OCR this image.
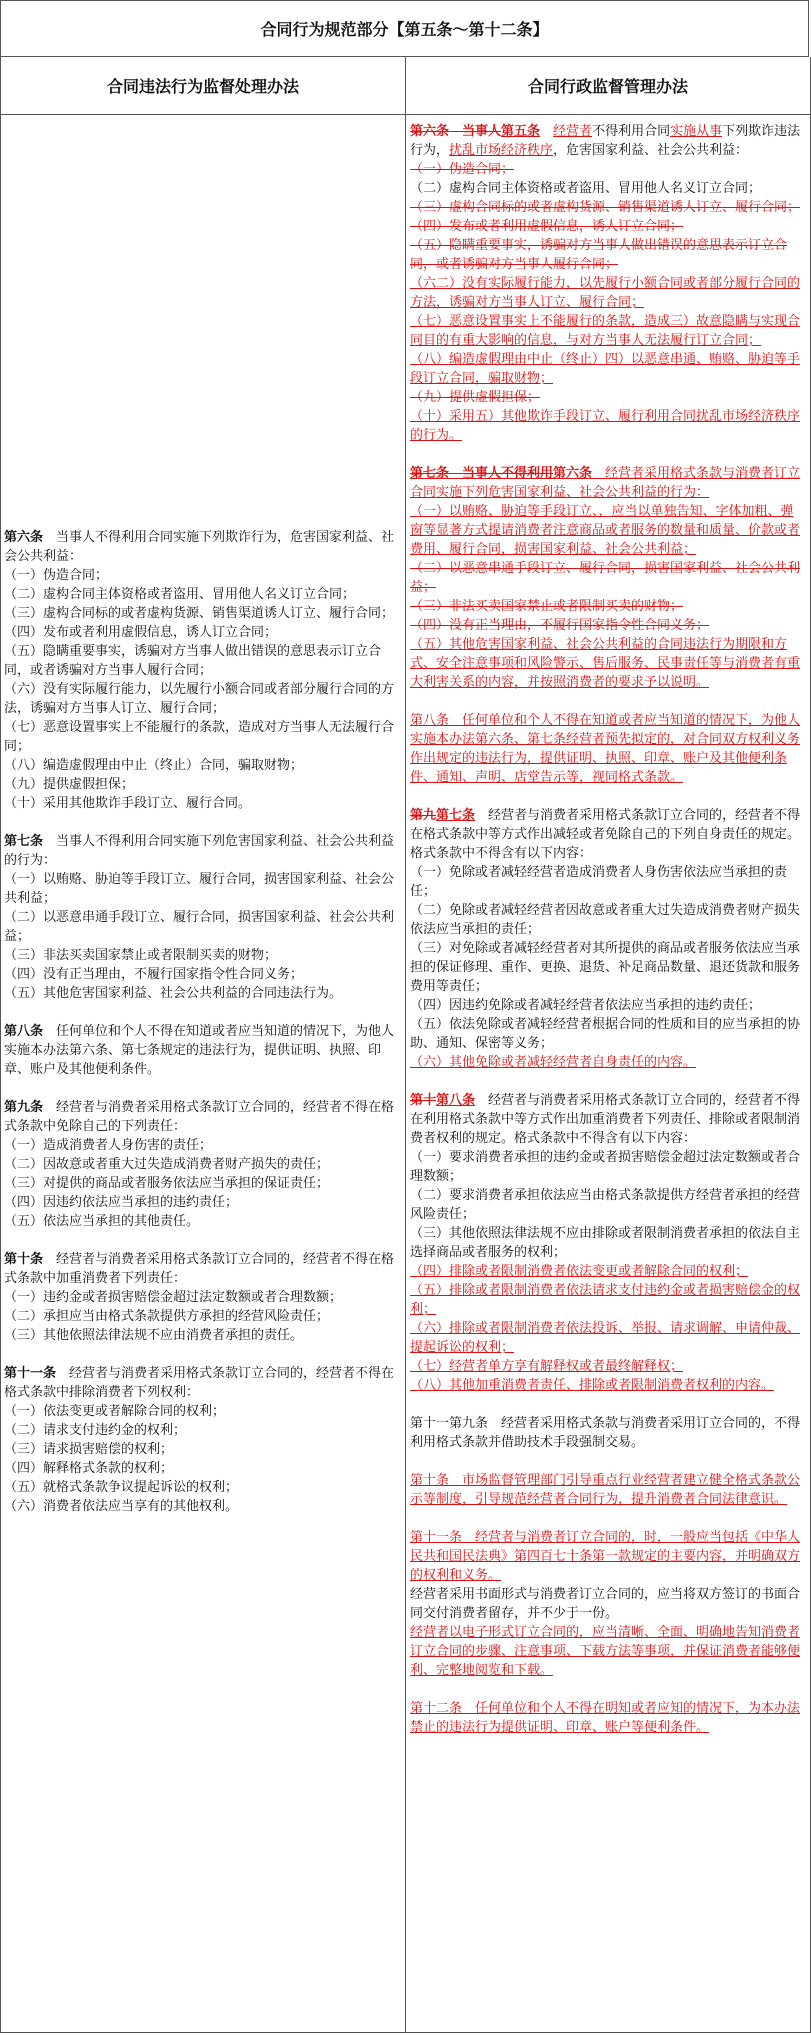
合同行为规范部分【第五条～第十二条】
合同违法行为监督处理办法	合同行政监督管理办法

第六条　 当事人不得利用合同实施下列欺诈行为，危害国家利益、社会公共利益：

（一）伪造合同；

（二）虚构合同主体资格或者盗用、冒用他人名义订立合同；

（三）虚构合同标的或者虚构货源、销售渠道诱人订立、履行合同；

（四）发布或者利用虚假信息，诱人订立合同；

（五）隐瞒重要事实，诱骗对方当事人做出错误的意思表示订立合同，或者诱骗对方当事人履行合同；

（六）没有实际履行能力，以先履行小额合同或者部分履行合同的方法，诱骗对方当事人订立、履行合同；

（七）恶意设置事实上不能履行的条款，造成对方当事人无法履行合同；

（八）编造虚假理由中止（终止）合同，骗取财物；

（九）提供虚假担保；

（十）采用其他欺诈手段订立、履行合同。

第七条　 当事人不得利用合同实施下列危害国家利益、社会公共利益的行为：

（一）以贿赂、胁迫等手段订立、履行合同，损害国家利益、社会公共利益；

（二）以恶意串通手段订立、履行合同，损害国家利益、社会公共利益；

（三）非法买卖国家禁止或者限制买卖的财物；

（四）没有正当理由，不履行国家指令性合同义务；

（五）其他危害国家利益、社会公共利益的合同违法行为。

第八条　 任何单位和个人不得在知道或者应当知道的情况下，为他人实施本办法第六条、第七条规定的违法行为，提供证明、执照、印章、账户及其他便利条件。

第九条　 经营者与消费者采用格式条款订立合同的，经营者不得在格式条款中免除自己的下列责任：

（一）造成消费者人身伤害的责任；

（二）因故意或者重大过失造成消费者财产损失的责任；

（三）对提供的商品或者服务依法应当承担的保证责任；

（四）因违约依法应当承担的违约责任；

（五）依法应当承担的其他责任。

第十条　 经营者与消费者采用格式条款订立合同的，经营者不得在格式条款中加重消费者下列责任：

（一）违约金或者损害赔偿金超过法定数额或者合理数额；

（二）承担应当由格式条款提供方承担的经营风险责任；

（三）其他依照法律法规不应由消费者承担的责任。

第十一条　 经营者与消费者采用格式条款订立合同的，经营者不得在格式条款中排除消费者下列权利：

（一）依法变更或者解除合同的权利；

（二）请求支付违约金的权利；

（三）请求损害赔偿的权利；

（四）解释格式条款的权利；

（五）就格式条款争议提起诉讼的权利；

（六）消费者依法应当享有的其他权利。

第六条　当事人第五条　 经营者不得利用合同实施从事下列欺诈违法行为，扰乱市场经济秩序，危害国家利益、社会公共利益：

（一）伪造合同；

（二）虚构合同主体资格或者盗用、冒用他人名义订立合同；

（三）虚构合同标的或者虚构货源、销售渠道诱人订立、履行合同；

（四）发布或者利用虚假信息，诱人订立合同；

（五）隐瞒重要事实，诱骗对方当事人做出错误的意思表示订立合同，或者诱骗对方当事人履行合同；

（六二）没有实际履行能力，以先履行小额合同或者部分履行合同的方法，诱骗对方当事人订立、履行合同；

（七）恶意设置事实上不能履行的条款，造成三）故意隐瞒与实现合同目的有重大影响的信息，与对方当事人无法履行订立合同；

（八）编造虚假理由中止（终止）四）以恶意串通、贿赂、胁迫等手段订立合同，骗取财物；

（九）提供虚假担保；

（十）采用五）其他欺诈手段订立、履行利用合同扰乱市场经济秩序的行为。

第七条　当事人不得利用第六条　 经营者采用格式条款与消费者订立合同实施下列危害国家利益、社会公共利益的行为：

（一）以贿赂、胁迫等手段订立、，应当以单独告知、字体加粗、弹窗等显著方式提请消费者注意商品或者服务的数量和质量、价款或者费用、履行合同，损害国家利益、社会公共利益；

（二）以恶意串通手段订立、履行合同，损害国家利益、社会公共利益；

（三）非法买卖国家禁止或者限制买卖的财物；

（四）没有正当理由，不履行国家指令性合同义务；

（五）其他危害国家利益、社会公共利益的合同违法行为期限和方式、安全注意事项和风险警示、售后服务、民事责任等与消费者有重大利害关系的内容，并按照消费者的要求予以说明。

第八条　任何单位和个人不得在知道或者应当知道的情况下，为他人实施本办法第六条、第七条经营者预先拟定的，对合同双方权利义务作出规定的违法行为，提供证明、执照、印章、账户及其他便利条件、通知、声明、店堂告示等，视同格式条款。

第九第七条　 经营者与消费者采用格式条款订立合同的，经营者不得在格式条款中等方式作出减轻或者免除自己的下列自身责任的规定。格式条款中不得含有以下内容：

（一）免除或者减轻经营者造成消费者人身伤害依法应当承担的责任；

（二）免除或者减轻经营者因故意或者重大过失造成消费者财产损失依法应当承担的责任；

（三）对免除或者减轻经营者对其所提供的商品或者服务依法应当承担的保证修理、重作、更换、退货、补足商品数量、退还货款和服务费用等责任；

（四）因违约免除或者减轻经营者依法应当承担的违约责任；

（五）依法免除或者减轻经营者根据合同的性质和目的应当承担的协助、通知、保密等义务；

（六）其他免除或者减轻经营者自身责任的内容。

第十第八条　 经营者与消费者采用格式条款订立合同的，经营者不得在利用格式条款中等方式作出加重消费者下列责任、排除或者限制消费者权利的规定。格式条款中不得含有以下内容：

（一）要求消费者承担的违约金或者损害赔偿金超过法定数额或者合理数额；

（二）要求消费者承担依法应当由格式条款提供方经营者承担的经营风险责任；

（三）其他依照法律法规不应由排除或者限制消费者承担的依法自主选择商品或者服务的权利；

（四）排除或者限制消费者依法变更或者解除合同的权利；

（五）排除或者限制消费者依法请求支付违约金或者损害赔偿金的权利；

（六）排除或者限制消费者依法投诉、举报、请求调解、申请仲裁、提起诉讼的权利；

（七）经营者单方享有解释权或者最终解释权；

（八）其他加重消费者责任、排除或者限制消费者权利的内容。

第十一第九条　经营者采用格式条款与消费者采用订立合同的，不得利用格式条款并借助技术手段强制交易。

第十条　市场监督管理部门引导重点行业经营者建立健全格式条款公示等制度，引导规范经营者合同行为，提升消费者合同法律意识。

第十一条　经营者与消费者订立合同的，时，一般应当包括《中华人民共和国民法典》第四百七十条第一款规定的主要内容，并明确双方的权利和义务。

经营者采用书面形式与消费者订立合同的，应当将双方签订的书面合同交付消费者留存，并不少于一份。

经营者以电子形式订立合同的，应当清晰、全面、明确地告知消费者订立合同的步骤、注意事项、下载方法等事项，并保证消费者能够便利、完整地阅览和下载。

第十二条　任何单位和个人不得在明知或者应知的情况下，为本办法禁止的违法行为提供证明、印章、账户等便利条件。
